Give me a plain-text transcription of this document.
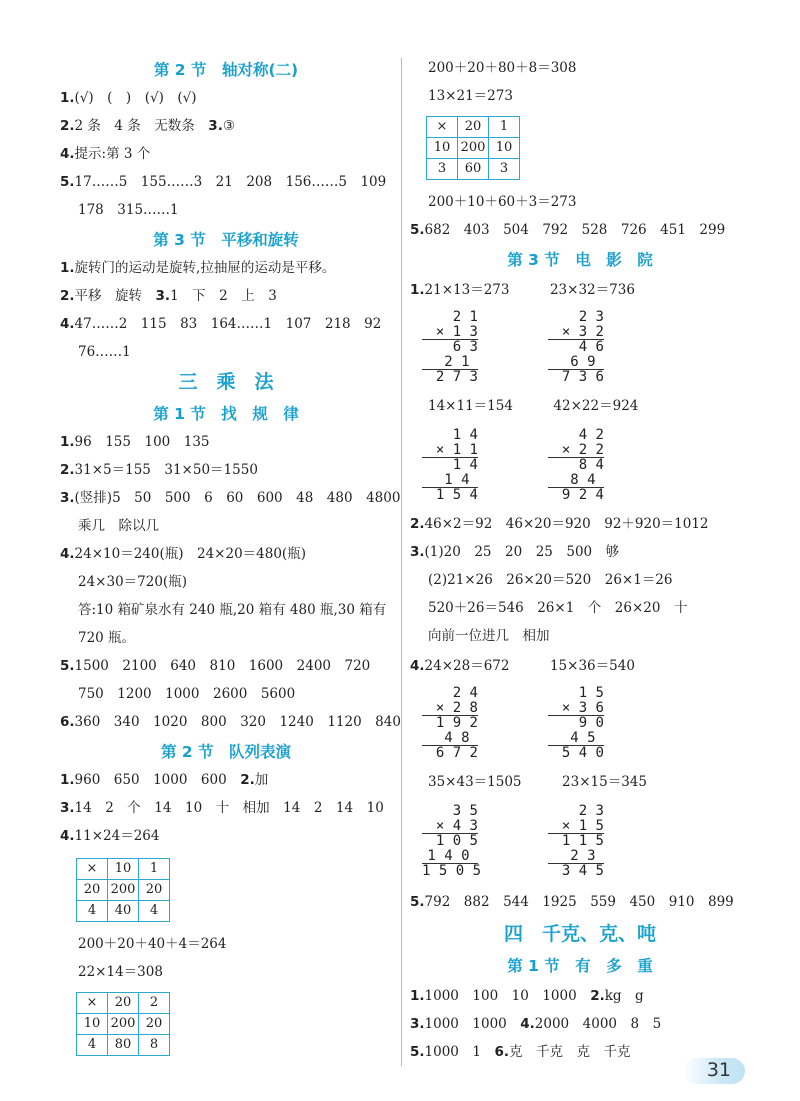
第 2 节　轴对称(二)
1.(√)　(　)　(√)　(√)
2.2 条　4 条　无数条　3.③
4.提示:第 3 个
5.17……5　155……3　21　208　156……5　109
178　315……1
第 3 节　平移和旋转
1.旋转门的运动是旋转,拉抽屉的运动是平移。
2.平移　旋转　3.1　下　2　上　3
4.47……2　115　83　164……1　107　218　92
76……1
三　乘　法
第 1 节　找　规　律
1.96　155　100　135
2.31×5＝155　31×50＝1550
3.(竖排)5　50　500　6　60　600　48　480　4800
乘几　除以几
4.24×10＝240(瓶)　24×20＝480(瓶)
24×30＝720(瓶)
答:10 箱矿泉水有 240 瓶,20 箱有 480 瓶,30 箱有
720 瓶。
5.1500　2100　640　810　1600　2400　720
750　1200　1000　2600　5600
6.360　340　1020　800　320　1240　1120　840
第 2 节　队列表演
1.960　650　1000　600　2.加
3.14　2　个　14　10　十　相加　14　2　14　10
4.11×24＝264
×	10	1
20	200	20
4	40	4
200＋20＋40＋4＝264
22×14＝308
×	20	2
10	200	20
4	80	8
200＋20＋80＋8＝308
13×21＝273
×	20	1
10	200	10
3	60	3
200＋10＋60＋3＝273
5.682　403　504　792　528　726　451　299
第 3 节　电　影　院
1.21×13＝273　　　23×32＝736
2 1
× 1 3
6 3
2 1
2 7 3
2 3
× 3 2
4 6
6 9
7 3 6
14×11＝154　　　42×22＝924
1 4
× 1 1
1 4
1 4
1 5 4
4 2
× 2 2
8 4
8 4
9 2 4
2.46×2＝92　46×20＝920　92＋920＝1012
3.(1)20　25　20　25　500　够
(2)21×26　26×20＝520　26×1＝26
520＋26＝546　26×1　个　26×20　十
向前一位进几　相加
4.24×28＝672　　　15×36＝540
2 4
× 2 8
1 9 2
4 8
6 7 2
1 5
× 3 6
9 0
4 5
5 4 0
35×43＝1505　　　23×15＝345
3 5
× 4 3
1 0 5
1 4 0
1 5 0 5
2 3
× 1 5
1 1 5
2 3
3 4 5
5.792　882　544　1925　559　450　910　899
四　千克、克、吨
第 1 节　有　多　重
1.1000　100　10　1000　2.kg　g
3.1000　1000　4.2000　4000　8　5
5.1000　1　6.克　千克　克　千克
31
